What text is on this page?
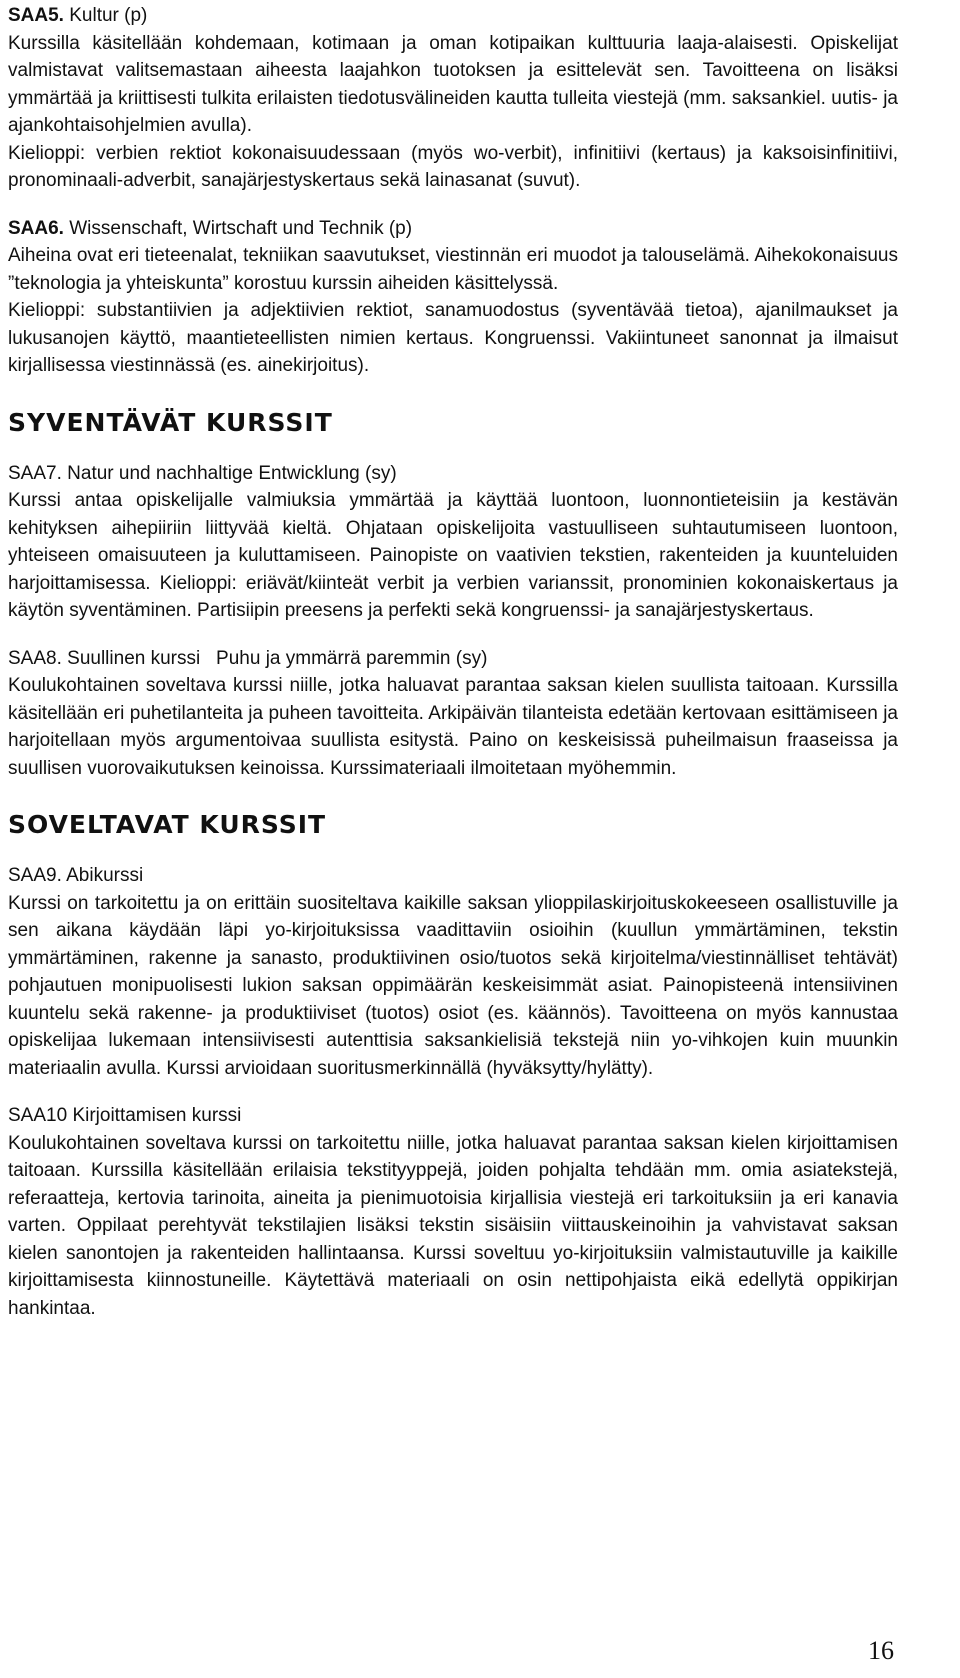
SAA5. Kultur (p)

Kurssilla käsitellään kohdemaan, kotimaan ja oman kotipaikan kulttuuria laaja-alaisesti. Opiskelijat valmistavat valitsemastaan aiheesta laajahkon tuotoksen ja esittelevät sen. Tavoitteena on lisäksi ymmärtää ja kriittisesti tulkita erilaisten tiedotusvälineiden kautta tulleita viestejä (mm. saksankiel. uutis- ja ajankohtaisohjelmien avulla).

Kielioppi: verbien rektiot kokonaisuudessaan (myös wo-verbit), infinitiivi (kertaus) ja kaksoisinfinitiivi, pronominaali-adverbit, sanajärjestyskertaus sekä lainasanat (suvut).

SAA6. Wissenschaft, Wirtschaft und Technik (p)

Aiheina ovat eri tieteenalat, tekniikan saavutukset, viestinnän eri muodot ja talouselämä. Aihekokonaisuus ”teknologia ja yhteiskunta” korostuu kurssin aiheiden käsittelyssä.

Kielioppi: substantiivien ja adjektiivien rektiot, sanamuodostus (syventävää tietoa), ajanilmaukset ja lukusanojen käyttö, maantieteellisten nimien kertaus. Kongruenssi. Vakiintuneet sanonnat ja ilmaisut kirjallisessa viestinnässä (es. ainekirjoitus).

SYVENTÄVÄT KURSSIT

SAA7. Natur und nachhaltige Entwicklung (sy)

Kurssi antaa opiskelijalle valmiuksia ymmärtää ja käyttää luontoon, luonnontieteisiin ja kestävän kehityksen aihepiiriin liittyvää kieltä. Ohjataan opiskelijoita vastuulliseen suhtautumiseen luontoon, yhteiseen omaisuuteen ja kuluttamiseen. Painopiste on vaativien tekstien, rakenteiden ja kuunteluiden harjoittamisessa. Kielioppi: eriävät/kiinteät verbit ja verbien varianssit, pronominien kokonaiskertaus ja käytön syventäminen. Partisiipin preesens ja perfekti sekä kongruenssi- ja sanajärjestyskertaus.

SAA8. Suullinen kurssi   Puhu ja ymmärrä paremmin (sy)

Koulukohtainen soveltava kurssi niille, jotka haluavat parantaa saksan kielen suullista taitoaan. Kurssilla käsitellään eri puhetilanteita ja puheen tavoitteita. Arkipäivän tilanteista edetään kertovaan esittämiseen ja harjoitellaan myös argumentoivaa suullista esitystä. Paino on keskeisissä puheilmaisun fraaseissa ja suullisen vuorovaikutuksen keinoissa. Kurssimateriaali ilmoitetaan myöhemmin.

SOVELTAVAT KURSSIT

SAA9. Abikurssi

Kurssi on tarkoitettu ja on erittäin suositeltava kaikille saksan ylioppilaskirjoituskokeeseen osallistuville ja sen aikana käydään läpi yo-kirjoituksissa vaadittaviin osioihin (kuullun ymmärtäminen, tekstin ymmärtäminen, rakenne ja sanasto, produktiivinen osio/tuotos sekä kirjoitelma/viestinnälliset tehtävät) pohjautuen monipuolisesti lukion saksan oppimäärän keskeisimmät asiat. Painopisteenä intensiivinen kuuntelu sekä rakenne- ja produktiiviset (tuotos) osiot (es. käännös). Tavoitteena on myös kannustaa opiskelijaa lukemaan intensiivisesti autenttisia saksankielisiä tekstejä niin yo-vihkojen kuin muunkin materiaalin avulla. Kurssi arvioidaan suoritusmerkinnällä (hyväksytty/hylätty).

SAA10 Kirjoittamisen kurssi

Koulukohtainen soveltava kurssi on tarkoitettu niille, jotka haluavat parantaa saksan kielen kirjoittamisen taitoaan. Kurssilla käsitellään erilaisia tekstityyppejä, joiden pohjalta tehdään mm. omia asiatekstejä, referaatteja, kertovia tarinoita, aineita ja pienimuotoisia kirjallisia viestejä eri tarkoituksiin ja eri kanavia varten. Oppilaat perehtyvät tekstilajien lisäksi tekstin sisäisiin viittauskeinoihin ja vahvistavat saksan kielen sanontojen ja rakenteiden hallintaansa. Kurssi soveltuu yo-kirjoituksiin valmistautuville ja kaikille kirjoittamisesta kiinnostuneille. Käytettävä materiaali on osin nettipohjaista eikä edellytä oppikirjan hankintaa.

16
